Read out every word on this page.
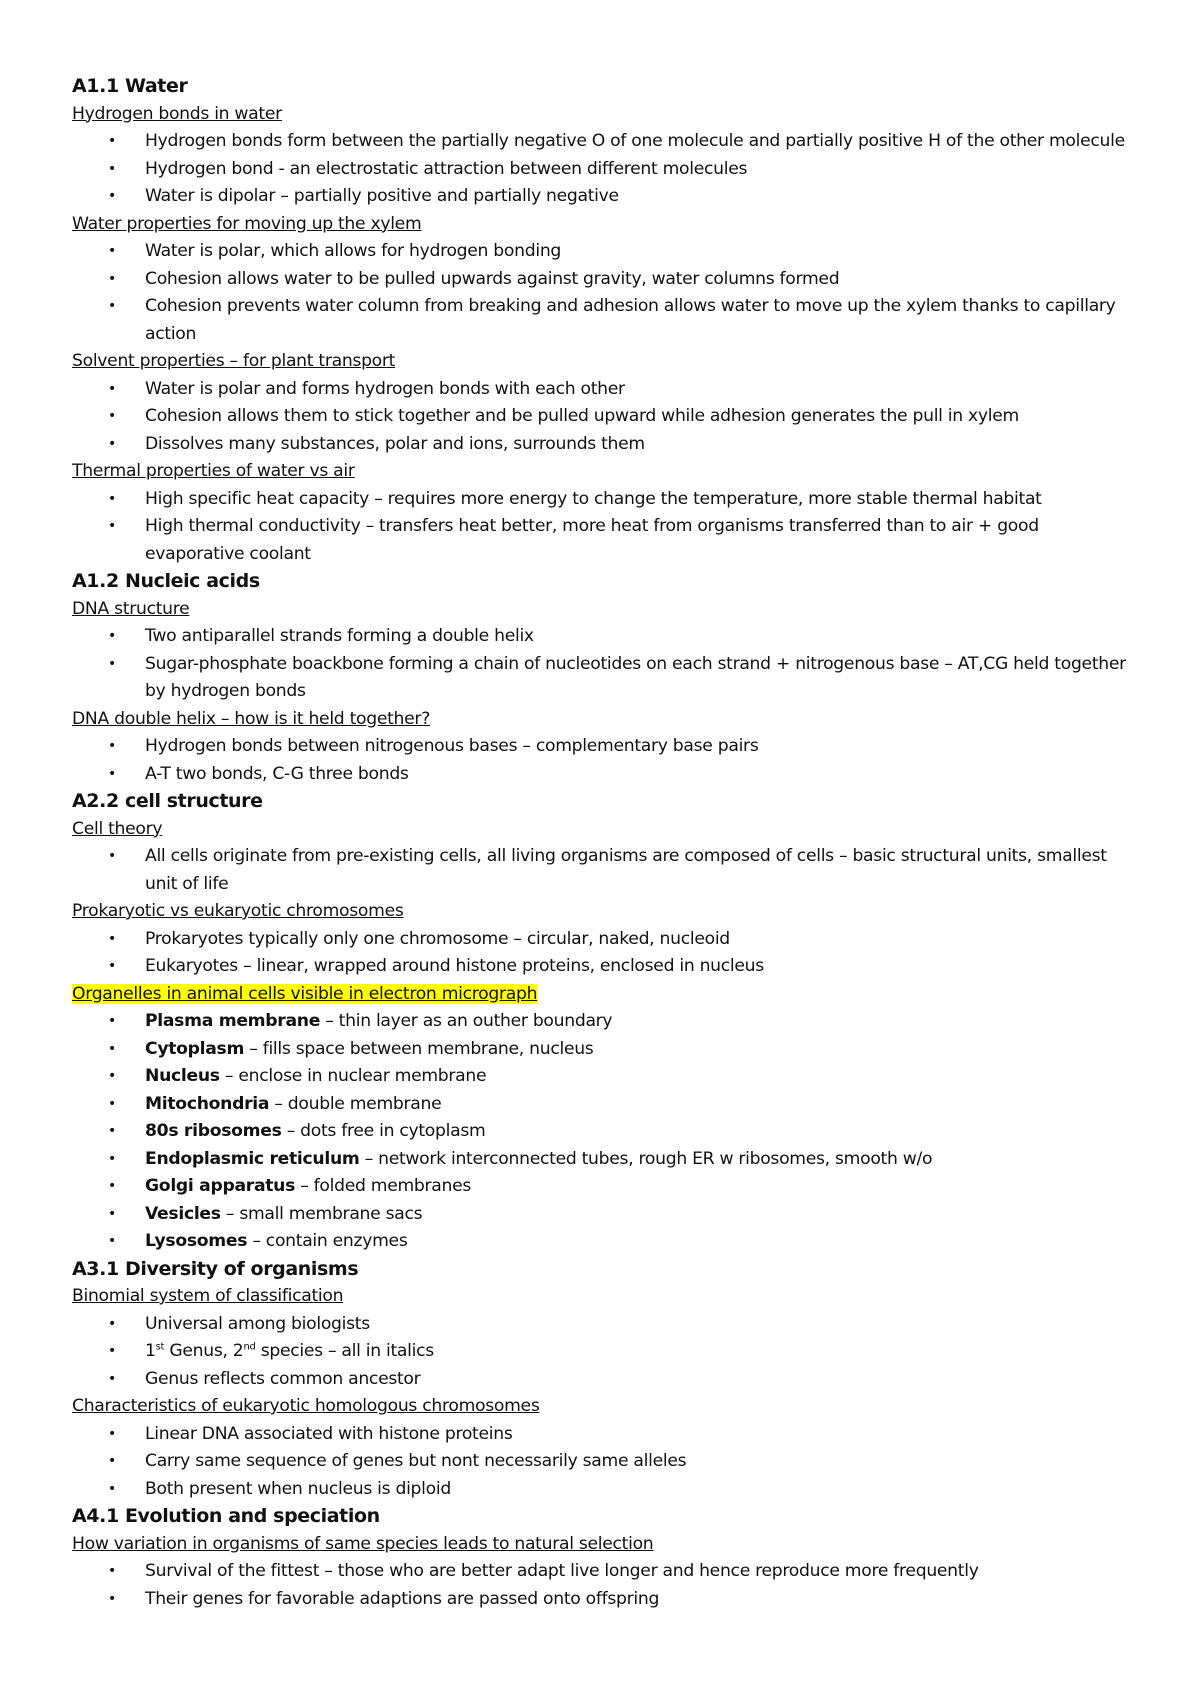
A1.1 Water
Hydrogen bonds in water
• Hydrogen bonds form between the partially negative O of one molecule and partially positive H of the other molecule
• Hydrogen bond - an electrostatic attraction between different molecules
• Water is dipolar – partially positive and partially negative
Water properties for moving up the xylem
• Water is polar, which allows for hydrogen bonding
• Cohesion allows water to be pulled upwards against gravity, water columns formed
• Cohesion prevents water column from breaking and adhesion allows water to move up the xylem thanks to capillary action
Solvent properties – for plant transport
• Water is polar and forms hydrogen bonds with each other
• Cohesion allows them to stick together and be pulled upward while adhesion generates the pull in xylem
• Dissolves many substances, polar and ions, surrounds them
Thermal properties of water vs air
• High specific heat capacity – requires more energy to change the temperature, more stable thermal habitat
• High thermal conductivity – transfers heat better, more heat from organisms transferred than to air + good evaporative coolant
A1.2 Nucleic acids
DNA structure
• Two antiparallel strands forming a double helix
• Sugar-phosphate boackbone forming a chain of nucleotides on each strand + nitrogenous base – AT,CG held together by hydrogen bonds
DNA double helix – how is it held together?
• Hydrogen bonds between nitrogenous bases – complementary base pairs
• A-T two bonds, C-G three bonds
A2.2 cell structure
Cell theory
• All cells originate from pre-existing cells, all living organisms are composed of cells – basic structural units, smallest unit of life
Prokaryotic vs eukaryotic chromosomes
• Prokaryotes typically only one chromosome – circular, naked, nucleoid
• Eukaryotes – linear, wrapped around histone proteins, enclosed in nucleus
Organelles in animal cells visible in electron micrograph
• Plasma membrane – thin layer as an outher boundary
• Cytoplasm – fills space between membrane, nucleus
• Nucleus – enclose in nuclear membrane
• Mitochondria – double membrane
• 80s ribosomes – dots free in cytoplasm
• Endoplasmic reticulum – network interconnected tubes, rough ER w ribosomes, smooth w/o
• Golgi apparatus – folded membranes
• Vesicles – small membrane sacs
• Lysosomes – contain enzymes
A3.1 Diversity of organisms
Binomial system of classification
• Universal among biologists
• 1st Genus, 2nd species – all in italics
• Genus reflects common ancestor
Characteristics of eukaryotic homologous chromosomes
• Linear DNA associated with histone proteins
• Carry same sequence of genes but nont necessarily same alleles
• Both present when nucleus is diploid
A4.1 Evolution and speciation
How variation in organisms of same species leads to natural selection
• Survival of the fittest – those who are better adapt live longer and hence reproduce more frequently
• Their genes for favorable adaptions are passed onto offspring
